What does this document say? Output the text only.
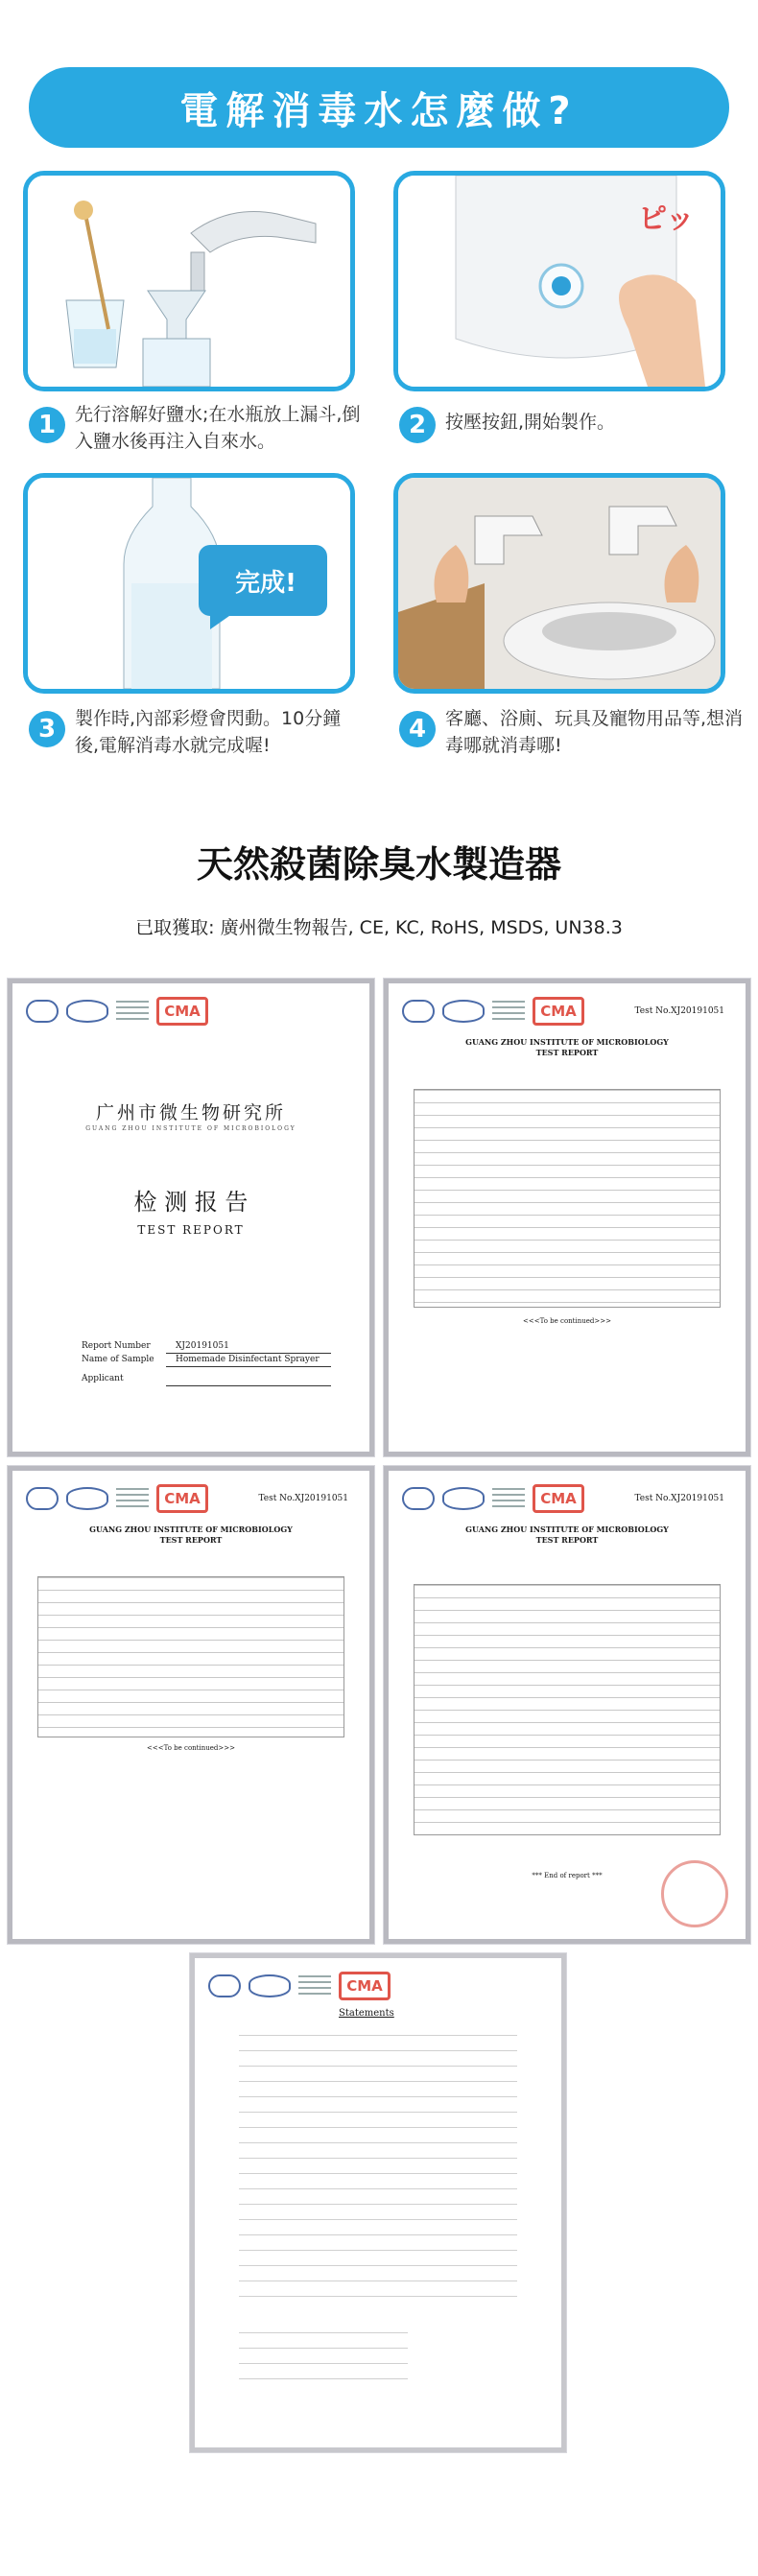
電解消毒水怎麼做?
ピッ
完成!
1	先行溶解好鹽水;在水瓶放上漏斗,倒入鹽水後再注入自來水。
2	按壓按鈕,開始製作。
3	製作時,內部彩燈會閃動。10分鐘後,電解消毒水就完成喔!
4	客廳、浴廁、玩具及寵物用品等,想消毒哪就消毒哪!
天然殺菌除臭水製造器
已取獲取: 廣州微生物報告, CE, KC, RoHS, MSDS, UN38.3
CMA
广州市微生物研究所
GUANG ZHOU INSTITUTE OF MICROBIOLOGY
检 测 报 告
TEST REPORT
Report Number	XJ20191051
Name of Sample	Homemade Disinfectant Sprayer
Applicant

CMA	Test No.XJ20191051
GUANG ZHOU INSTITUTE OF MICROBIOLOGY
TEST REPORT
<<<To be continued>>>
CMA	Test No.XJ20191051
GUANG ZHOU INSTITUTE OF MICROBIOLOGY
TEST REPORT
<<<To be continued>>>
CMA	Test No.XJ20191051
GUANG ZHOU INSTITUTE OF MICROBIOLOGY
TEST REPORT
*** End of report ***
CMA
Statements
